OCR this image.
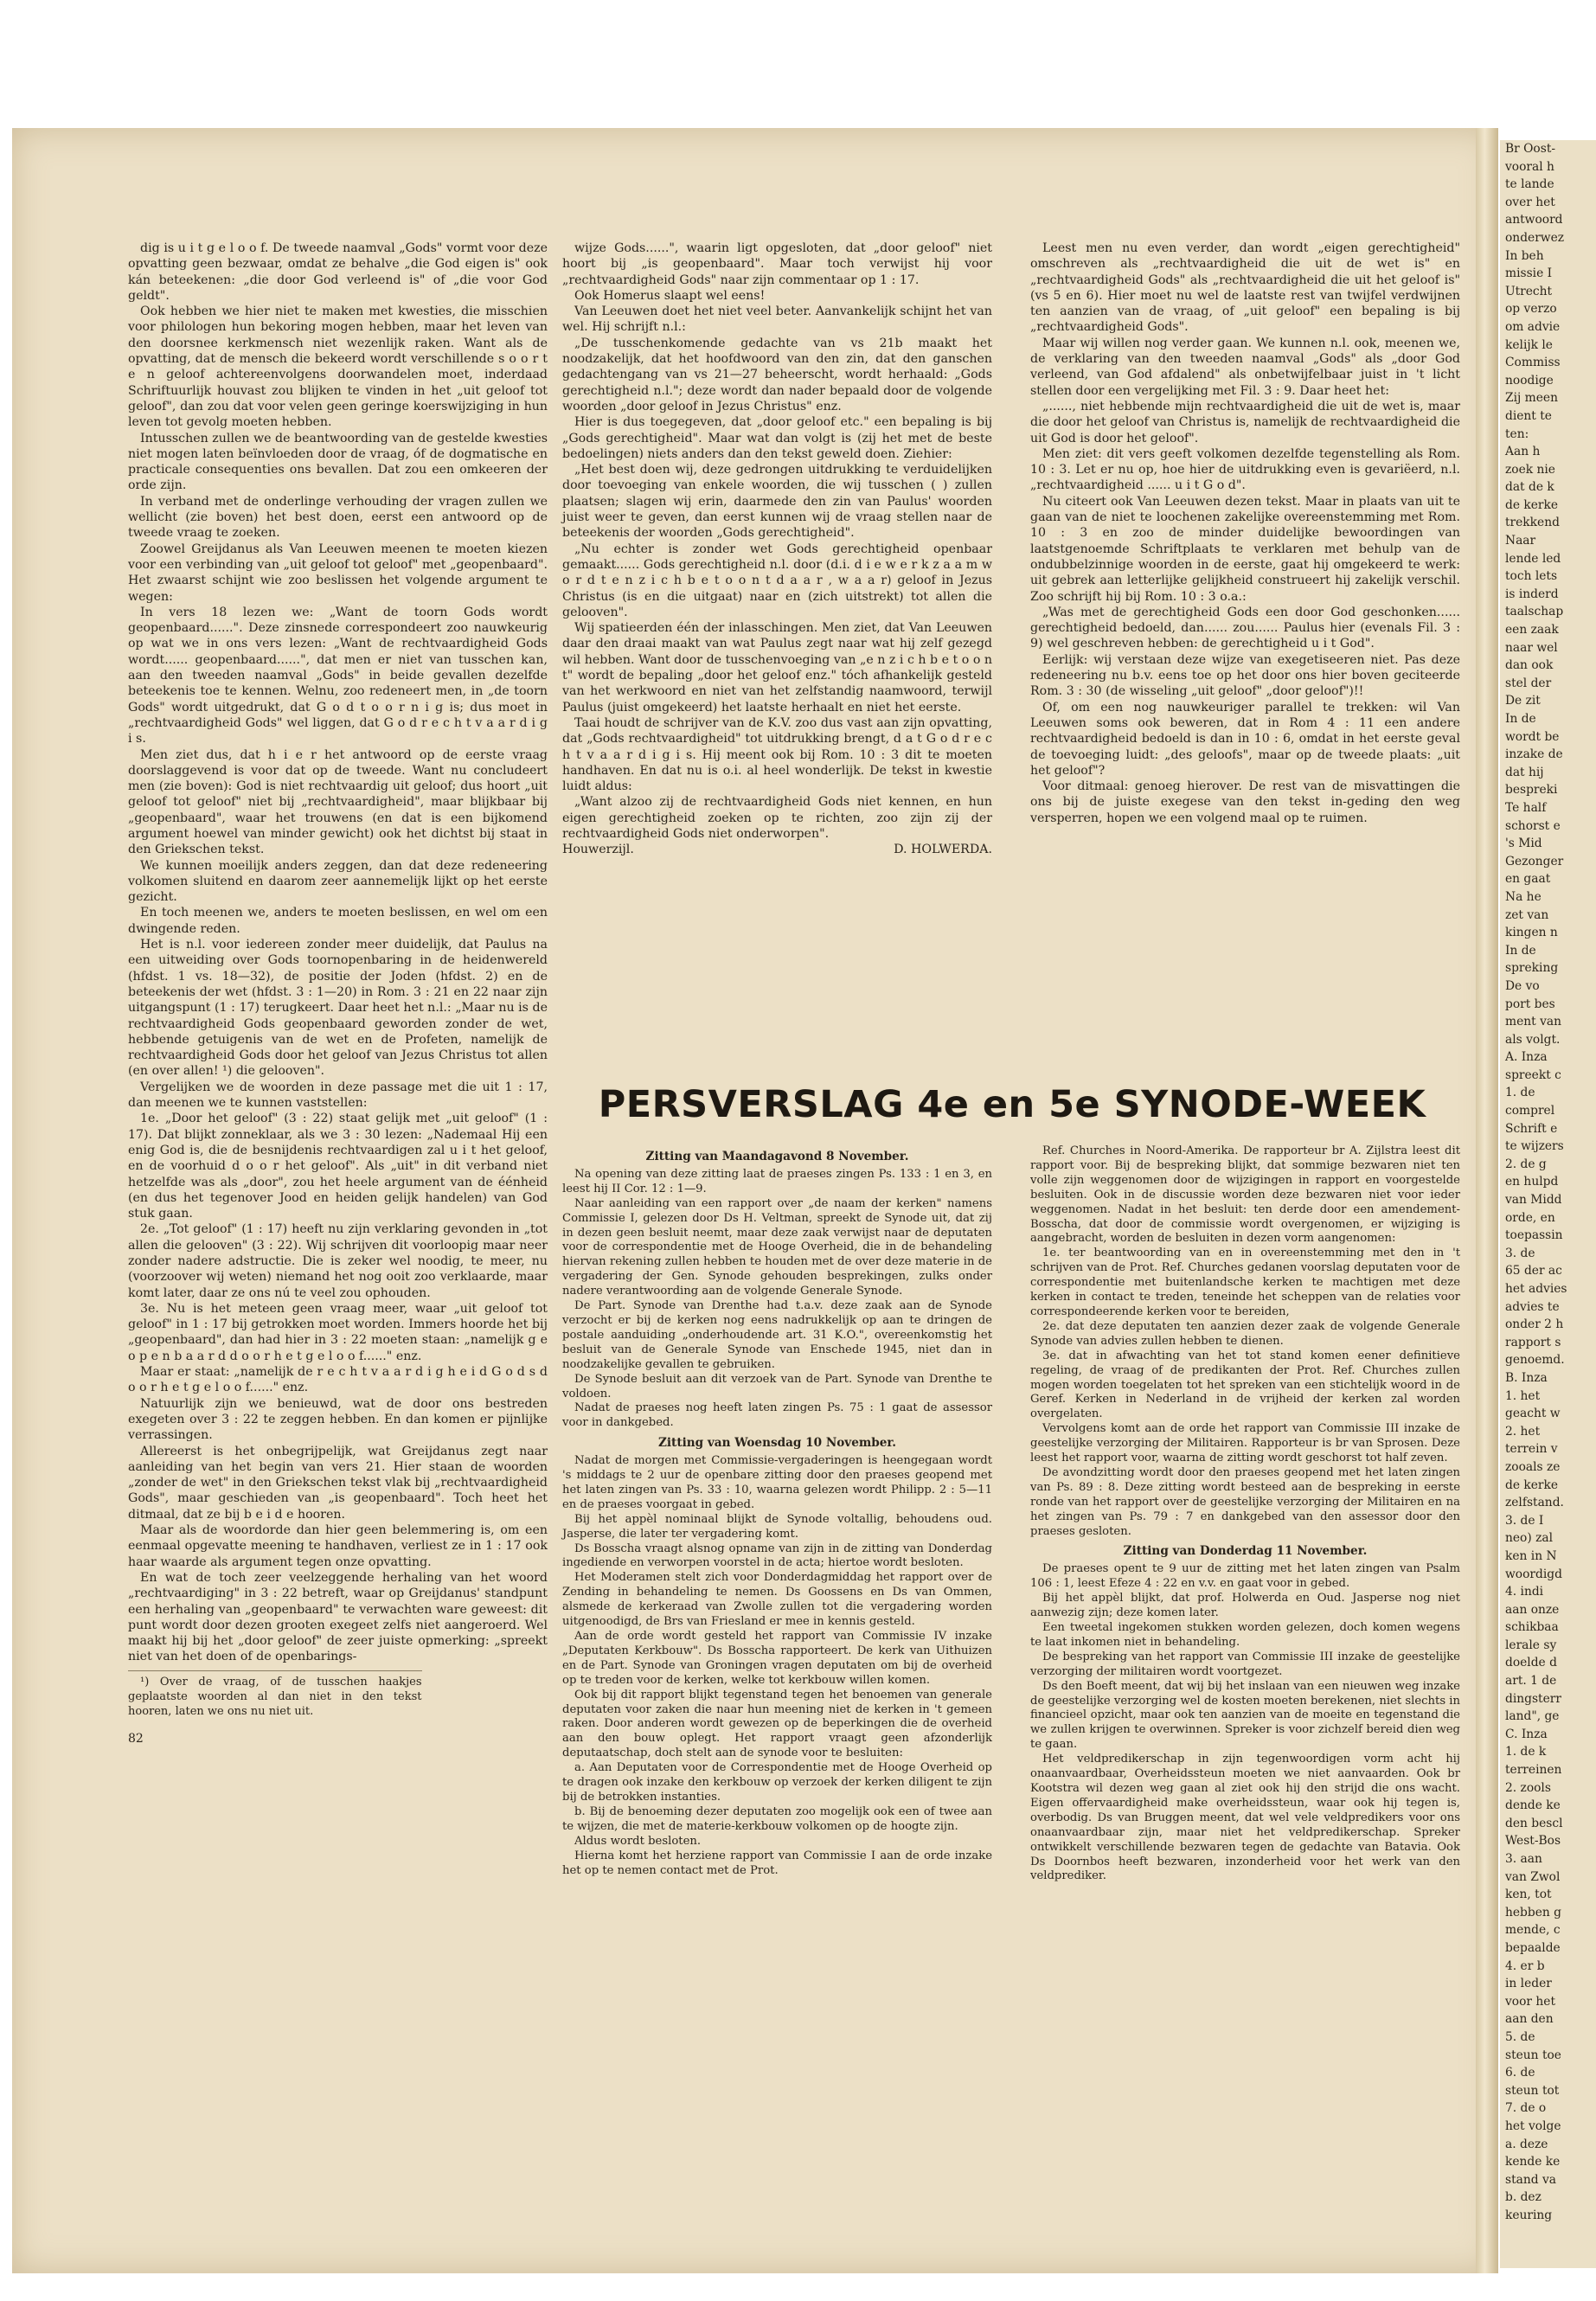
Br Oost-
vooral h
te lande
over het
antwoord
onderwez
In beh
missie I
Utrecht
op verzo
om advie
kelijk le
Commiss
noodige
Zij meen
dient te
ten:
Aan h
zoek nie
dat de k
de kerke
trekkend
Naar
lende led
toch lets
is inderd
taalschap
een zaak
naar wel
dan ook
stel der
De zit
In de
wordt be
inzake de
dat hij
bespreki
Te half
schorst e
's Mid
Gezonger
en gaat
Na he
zet van
kingen n
In de
spreking
De vo
port bes
ment van
als volgt.
A. Inza
spreekt c
1. de
comprel
Schrift e
te wijzers
2. de g
en hulpd
van Midd
orde, en
toepassin
3. de
65 der ac
het advies
advies te
onder 2 h
rapport s
genoemd.
B. Inza
1. het
geacht w
2. het
terrein v
zooals ze
de kerke
zelfstand.
3. de I
neo) zal
ken in N
woordigd
4. indi
aan onze
schikbaa
lerale sy
doelde d
art. 1 de
dingsterr
land", ge
C. Inza
1. de k
terreinen
2. zools
dende ke
den bescl
West-Bos
3. aan
van Zwol
ken, tot
hebben g
mende, c
bepaalde
4. er b
in leder
voor het
aan den
5. de
steun toe
6. de
steun tot
7. de o
het volge
a. deze
kende ke
stand va
b. dez
keuring

dig is u i t g e l o o f. De tweede naamval „Gods" vormt voor deze opvatting geen bezwaar, omdat ze behalve „die God eigen is" ook kán beteekenen: „die door God verleend is" of „die voor God geldt".

Ook hebben we hier niet te maken met kwesties, die misschien voor philologen hun bekoring mogen hebben, maar het leven van den doorsnee kerkmensch niet wezenlijk raken. Want als de opvatting, dat de mensch die bekeerd wordt verschillende s o o r t e n geloof achtereenvolgens doorwandelen moet, inderdaad Schriftuurlijk houvast zou blijken te vinden in het „uit geloof tot geloof", dan zou dat voor velen geen geringe koerswijziging in hun leven tot gevolg moeten hebben.

Intusschen zullen we de beantwoording van de gestelde kwesties niet mogen laten beïnvloeden door de vraag, óf de dogmatische en practicale consequenties ons bevallen. Dat zou een omkeeren der orde zijn.

In verband met de onderlinge verhouding der vragen zullen we wellicht (zie boven) het best doen, eerst een antwoord op de tweede vraag te zoeken.

Zoowel Greijdanus als Van Leeuwen meenen te moeten kiezen voor een verbinding van „uit geloof tot geloof" met „geopenbaard". Het zwaarst schijnt wie zoo beslissen het volgende argument te wegen:

In vers 18 lezen we: „Want de toorn Gods wordt geopenbaard......". Deze zinsnede correspondeert zoo nauwkeurig op wat we in ons vers lezen: „Want de rechtvaardigheid Gods wordt...... geopenbaard......", dat men er niet van tusschen kan, aan den tweeden naamval „Gods" in beide gevallen dezelfde beteekenis toe te kennen. Welnu, zoo redeneert men, in „de toorn Gods" wordt uitgedrukt, dat G o d t o o r n i g is; dus moet in „rechtvaardigheid Gods" wel liggen, dat G o d r e c h t v a a r d i g i s.

Men ziet dus, dat h i e r het antwoord op de eerste vraag doorslaggevend is voor dat op de tweede. Want nu concludeert men (zie boven): God is niet rechtvaardig uit geloof; dus hoort „uit geloof tot geloof" niet bij „rechtvaardigheid", maar blijkbaar bij „geopenbaard", waar het trouwens (en dat is een bijkomend argument hoewel van minder gewicht) ook het dichtst bij staat in den Griekschen tekst.

We kunnen moeilijk anders zeggen, dan dat deze redeneering volkomen sluitend en daarom zeer aannemelijk lijkt op het eerste gezicht.

En toch meenen we, anders te moeten beslissen, en wel om een dwingende reden.

Het is n.l. voor iedereen zonder meer duidelijk, dat Paulus na een uitweiding over Gods toornopenbaring in de heidenwereld (hfdst. 1 vs. 18—32), de positie der Joden (hfdst. 2) en de beteekenis der wet (hfdst. 3 : 1—20) in Rom. 3 : 21 en 22 naar zijn uitgangspunt (1 : 17) terugkeert. Daar heet het n.l.: „Maar nu is de rechtvaardigheid Gods geopenbaard geworden zonder de wet, hebbende getuigenis van de wet en de Profeten, namelijk de rechtvaardigheid Gods door het geloof van Jezus Christus tot allen (en over allen! ¹) die gelooven".

Vergelijken we de woorden in deze passage met die uit 1 : 17, dan meenen we te kunnen vaststellen:

1e. „Door het geloof" (3 : 22) staat gelijk met „uit geloof" (1 : 17). Dat blijkt zonneklaar, als we 3 : 30 lezen: „Nademaal Hij een enig God is, die de besnijdenis rechtvaardigen zal u i t het geloof, en de voorhuid d o o r het geloof". Als „uit" in dit verband niet hetzelfde was als „door", zou het heele argument van de éénheid (en dus het tegenover Jood en heiden gelijk handelen) van God stuk gaan.

2e. „Tot geloof" (1 : 17) heeft nu zijn verklaring gevonden in „tot allen die gelooven" (3 : 22). Wij schrijven dit voorloopig maar neer zonder nadere adstructie. Die is zeker wel noodig, te meer, nu (voorzoover wij weten) niemand het nog ooit zoo verklaarde, maar komt later, daar ze ons nú te veel zou ophouden.

3e. Nu is het meteen geen vraag meer, waar „uit geloof tot geloof" in 1 : 17 bij getrokken moet worden. Immers hoorde het bij „geopenbaard", dan had hier in 3 : 22 moeten staan: „namelijk g e o p e n b a a r d d o o r h e t g e l o o f......" enz.

Maar er staat: „namelijk de r e c h t v a a r d i g h e i d G o d s d o o r h e t g e l o o f......" enz.

Natuurlijk zijn we benieuwd, wat de door ons bestreden exegeten over 3 : 22 te zeggen hebben. En dan komen er pijnlijke verrassingen.

Allereerst is het onbegrijpelijk, wat Greijdanus zegt naar aanleiding van het begin van vers 21. Hier staan de woorden „zonder de wet" in den Griekschen tekst vlak bij „rechtvaardigheid Gods", maar geschieden van „is geopenbaard". Toch heet het ditmaal, dat ze bij b e i d e hooren.

Maar als de woordorde dan hier geen belemmering is, om een eenmaal opgevatte meening te handhaven, verliest ze in 1 : 17 ook haar waarde als argument tegen onze opvatting.

En wat de toch zeer veelzeggende herhaling van het woord „rechtvaardiging" in 3 : 22 betreft, waar op Greijdanus' standpunt een herhaling van „geopenbaard" te verwachten ware geweest: dit punt wordt door dezen grooten exegeet zelfs niet aangeroerd. Wel maakt hij bij het „door geloof" de zeer juiste opmerking: „spreekt niet van het doen of de openbarings-

¹) Over de vraag, of de tusschen haakjes geplaatste woorden al dan niet in den tekst hooren, laten we ons nu niet uit.

82

wijze Gods......", waarin ligt opgesloten, dat „door geloof" niet hoort bij „is geopenbaard". Maar toch verwijst hij voor „rechtvaardigheid Gods" naar zijn commentaar op 1 : 17.

Ook Homerus slaapt wel eens!

Van Leeuwen doet het niet veel beter. Aanvankelijk schijnt het van wel. Hij schrijft n.l.:

„De tusschenkomende gedachte van vs 21b maakt het noodzakelijk, dat het hoofdwoord van den zin, dat den ganschen gedachtengang van vs 21—27 beheerscht, wordt herhaald: „Gods gerechtigheid n.l."; deze wordt dan nader bepaald door de volgende woorden „door geloof in Jezus Christus" enz.

Hier is dus toegegeven, dat „door geloof etc." een bepaling is bij „Gods gerechtigheid". Maar wat dan volgt is (zij het met de beste bedoelingen) niets anders dan den tekst geweld doen. Ziehier:

„Het best doen wij, deze gedrongen uitdrukking te verduidelijken door toevoeging van enkele woorden, die wij tusschen ( ) zullen plaatsen; slagen wij erin, daarmede den zin van Paulus' woorden juist weer te geven, dan eerst kunnen wij de vraag stellen naar de beteekenis der woorden „Gods gerechtigheid".

„Nu echter is zonder wet Gods gerechtigheid openbaar gemaakt...... Gods gerechtigheid n.l. door (d.i. d i e w e r k z a a m w o r d t e n z i c h b e t o o n t d a a r , w a a r) geloof in Jezus Christus (is en die uitgaat) naar en (zich uitstrekt) tot allen die gelooven".

Wij spatieerden één der inlasschingen. Men ziet, dat Van Leeuwen daar den draai maakt van wat Paulus zegt naar wat hij zelf gezegd wil hebben. Want door de tusschenvoeging van „e n z i c h b e t o o n t" wordt de bepaling „door het geloof enz." tóch afhankelijk gesteld van het werkwoord en niet van het zelfstandig naamwoord, terwijl Paulus (juist omgekeerd) het laatste herhaalt en niet het eerste.

Taai houdt de schrijver van de K.V. zoo dus vast aan zijn opvatting, dat „Gods rechtvaardigheid" tot uitdrukking brengt, d a t G o d r e c h t v a a r d i g i s. Hij meent ook bij Rom. 10 : 3 dit te moeten handhaven. En dat nu is o.i. al heel wonderlijk. De tekst in kwestie luidt aldus:

„Want alzoo zij de rechtvaardigheid Gods niet kennen, en hun eigen gerechtigheid zoeken op te richten, zoo zijn zij der rechtvaardigheid Gods niet onderworpen".

Houwerzijl.	D. HOLWERDA.

Leest men nu even verder, dan wordt „eigen gerechtigheid" omschreven als „rechtvaardigheid die uit de wet is" en „rechtvaardigheid Gods" als „rechtvaardigheid die uit het geloof is" (vs 5 en 6). Hier moet nu wel de laatste rest van twijfel verdwijnen ten aanzien van de vraag, of „uit geloof" een bepaling is bij „rechtvaardigheid Gods".

Maar wij willen nog verder gaan. We kunnen n.l. ook, meenen we, de verklaring van den tweeden naamval „Gods" als „door God verleend, van God afdalend" als onbetwijfelbaar juist in 't licht stellen door een vergelijking met Fil. 3 : 9. Daar heet het:

„......, niet hebbende mijn rechtvaardigheid die uit de wet is, maar die door het geloof van Christus is, namelijk de rechtvaardigheid die uit God is door het geloof".

Men ziet: dit vers geeft volkomen dezelfde tegenstelling als Rom. 10 : 3. Let er nu op, hoe hier de uitdrukking even is gevariëerd, n.l. „rechtvaardigheid ...... u i t G o d".

Nu citeert ook Van Leeuwen dezen tekst. Maar in plaats van uit te gaan van de niet te loochenen zakelijke overeenstemming met Rom. 10 : 3 en zoo de minder duidelijke bewoordingen van laatstgenoemde Schriftplaats te verklaren met behulp van de ondubbelzinnige woorden in de eerste, gaat hij omgekeerd te werk: uit gebrek aan letterlijke gelijkheid construeert hij zakelijk verschil. Zoo schrijft hij bij Rom. 10 : 3 o.a.:

„Was met de gerechtigheid Gods een door God geschonken...... gerechtigheid bedoeld, dan...... zou...... Paulus hier (evenals Fil. 3 : 9) wel geschreven hebben: de gerechtigheid u i t God".

Eerlijk: wij verstaan deze wijze van exegetiseeren niet. Pas deze redeneering nu b.v. eens toe op het door ons hier boven geciteerde Rom. 3 : 30 (de wisseling „uit geloof" „door geloof")!!

Of, om een nog nauwkeuriger parallel te trekken: wil Van Leeuwen soms ook beweren, dat in Rom 4 : 11 een andere rechtvaardigheid bedoeld is dan in 10 : 6, omdat in het eerste geval de toevoeging luidt: „des geloofs", maar op de tweede plaats: „uit het geloof"?

Voor ditmaal: genoeg hierover. De rest van de misvattingen die ons bij de juiste exegese van den tekst in-geding den weg versperren, hopen we een volgend maal op te ruimen.

PERSVERSLAG 4e en 5e SYNODE-WEEK

Zitting van Maandagavond 8 November.

Na opening van deze zitting laat de praeses zingen Ps. 133 : 1 en 3, en leest hij II Cor. 12 : 1—9.

Naar aanleiding van een rapport over „de naam der kerken" namens Commissie I, gelezen door Ds H. Veltman, spreekt de Synode uit, dat zij in dezen geen besluit neemt, maar deze zaak verwijst naar de deputaten voor de correspondentie met de Hooge Overheid, die in de behandeling hiervan rekening zullen hebben te houden met de over deze materie in de vergadering der Gen. Synode gehouden besprekingen, zulks onder nadere verantwoording aan de volgende Generale Synode.

De Part. Synode van Drenthe had t.a.v. deze zaak aan de Synode verzocht er bij de kerken nog eens nadrukkelijk op aan te dringen de postale aanduiding „onderhoudende art. 31 K.O.", overeenkomstig het besluit van de Generale Synode van Enschede 1945, niet dan in noodzakelijke gevallen te gebruiken.

De Synode besluit aan dit verzoek van de Part. Synode van Drenthe te voldoen.

Nadat de praeses nog heeft laten zingen Ps. 75 : 1 gaat de assessor voor in dankgebed.

Zitting van Woensdag 10 November.

Nadat de morgen met Commissie-vergaderingen is heengegaan wordt 's middags te 2 uur de openbare zitting door den praeses geopend met het laten zingen van Ps. 33 : 10, waarna gelezen wordt Philipp. 2 : 5—11 en de praeses voorgaat in gebed.

Bij het appèl nominaal blijkt de Synode voltallig, behoudens oud. Jasperse, die later ter vergadering komt.

Ds Bosscha vraagt alsnog opname van zijn in de zitting van Donderdag ingediende en verworpen voorstel in de acta; hiertoe wordt besloten.

Het Moderamen stelt zich voor Donderdagmiddag het rapport over de Zending in behandeling te nemen. Ds Goossens en Ds van Ommen, alsmede de kerkeraad van Zwolle zullen tot die vergadering worden uitgenoodigd, de Brs van Friesland er mee in kennis gesteld.

Aan de orde wordt gesteld het rapport van Commissie IV inzake „Deputaten Kerkbouw". Ds Bosscha rapporteert. De kerk van Uithuizen en de Part. Synode van Groningen vragen deputaten om bij de overheid op te treden voor de kerken, welke tot kerkbouw willen komen.

Ook bij dit rapport blijkt tegenstand tegen het benoemen van generale deputaten voor zaken die naar hun meening niet de kerken in 't gemeen raken. Door anderen wordt gewezen op de beperkingen die de overheid aan den bouw oplegt. Het rapport vraagt geen afzonderlijk deputaatschap, doch stelt aan de synode voor te besluiten:

a. Aan Deputaten voor de Correspondentie met de Hooge Overheid op te dragen ook inzake den kerkbouw op verzoek der kerken diligent te zijn bij de betrokken instanties.

b. Bij de benoeming dezer deputaten zoo mogelijk ook een of twee aan te wijzen, die met de materie-kerkbouw volkomen op de hoogte zijn.

Aldus wordt besloten.

Hierna komt het herziene rapport van Commissie I aan de orde inzake het op te nemen contact met de Prot.

Ref. Churches in Noord-Amerika. De rapporteur br A. Zijlstra leest dit rapport voor. Bij de bespreking blijkt, dat sommige bezwaren niet ten volle zijn weggenomen door de wijzigingen in rapport en voorgestelde besluiten. Ook in de discussie worden deze bezwaren niet voor ieder weggenomen. Nadat in het besluit: ten derde door een amendement-Bosscha, dat door de commissie wordt overgenomen, er wijziging is aangebracht, worden de besluiten in dezen vorm aangenomen:

1e. ter beantwoording van en in overeenstemming met den in 't schrijven van de Prot. Ref. Churches gedanen voorslag deputaten voor de correspondentie met buitenlandsche kerken te machtigen met deze kerken in contact te treden, teneinde het scheppen van de relaties voor correspondeerende kerken voor te bereiden,

2e. dat deze deputaten ten aanzien dezer zaak de volgende Generale Synode van advies zullen hebben te dienen.

3e. dat in afwachting van het tot stand komen eener definitieve regeling, de vraag of de predikanten der Prot. Ref. Churches zullen mogen worden toegelaten tot het spreken van een stichtelijk woord in de Geref. Kerken in Nederland in de vrijheid der kerken zal worden overgelaten.

Vervolgens komt aan de orde het rapport van Commissie III inzake de geestelijke verzorging der Militairen. Rapporteur is br van Sprosen. Deze leest het rapport voor, waarna de zitting wordt geschorst tot half zeven.

De avondzitting wordt door den praeses geopend met het laten zingen van Ps. 89 : 8. Deze zitting wordt besteed aan de bespreking in eerste ronde van het rapport over de geestelijke verzorging der Militairen en na het zingen van Ps. 79 : 7 en dankgebed van den assessor door den praeses gesloten.

Zitting van Donderdag 11 November.

De praeses opent te 9 uur de zitting met het laten zingen van Psalm 106 : 1, leest Efeze 4 : 22 en v.v. en gaat voor in gebed.

Bij het appèl blijkt, dat prof. Holwerda en Oud. Jasperse nog niet aanwezig zijn; deze komen later.

Een tweetal ingekomen stukken worden gelezen, doch komen wegens te laat inkomen niet in behandeling.

De bespreking van het rapport van Commissie III inzake de geestelijke verzorging der militairen wordt voortgezet.

Ds den Boeft meent, dat wij bij het inslaan van een nieuwen weg inzake de geestelijke verzorging wel de kosten moeten berekenen, niet slechts in financieel opzicht, maar ook ten aanzien van de moeite en tegenstand die we zullen krijgen te overwinnen. Spreker is voor zichzelf bereid dien weg te gaan.

Het veldpredikerschap in zijn tegenwoordigen vorm acht hij onaanvaardbaar, Overheidssteun moeten we niet aanvaarden. Ook br Kootstra wil dezen weg gaan al ziet ook hij den strijd die ons wacht. Eigen offervaardigheid make overheidssteun, waar ook hij tegen is, overbodig. Ds van Bruggen meent, dat wel vele veldpredikers voor ons onaanvaardbaar zijn, maar niet het veldpredikerschap. Spreker ontwikkelt verschillende bezwaren tegen de gedachte van Batavia. Ook Ds Doornbos heeft bezwaren, inzonderheid voor het werk van den veldprediker.
